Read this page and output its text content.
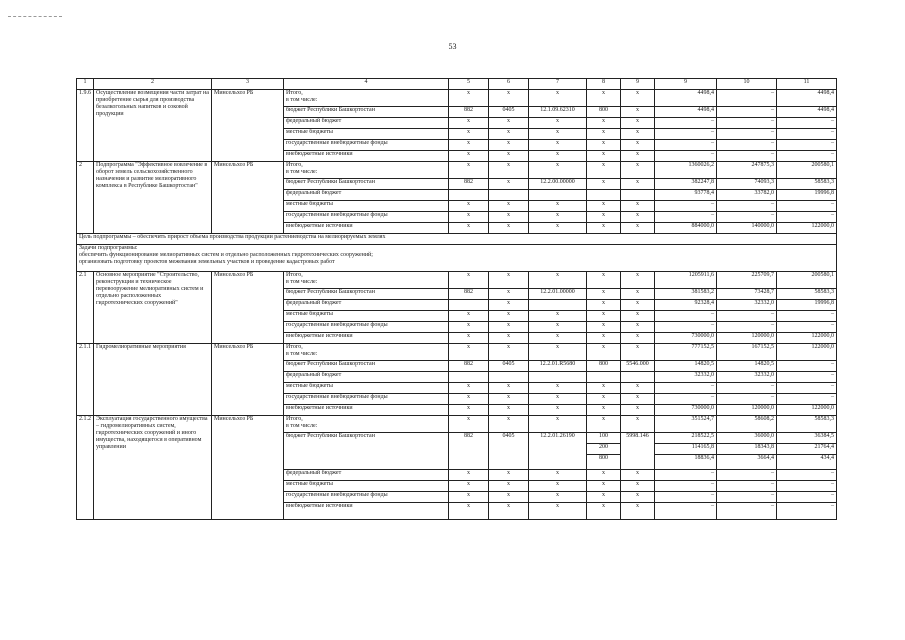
53
1	2	3	4	5	6	7	8	9	9	10	11
1.9.6	Осуществление возмещения части затрат на приобретение сырья для производства безалкогольных напитков и соковой продукции	Минсельхоз РБ	Итого,
в том числе:	x	x	x	x	x	4498,4	–	4498,4
			бюджет Республики Башкортостан	882	0405	12.1.09.62310	800	x	4498,4	–	4498,4
			федеральный бюджет	x	x	x	x	x	–	–	–
			местные бюджеты	x	x	x	x	x	–	–	–
			государственные внебюджетные фонды	x	x	x	x	x	–	–	–
			внебюджетные источники	x	x	x	x	x	–	–	–
2	Подпрограмма "Эффективное вовлечение в оборот земель сельскохозяйственного назначения и развитие мелиоративного комплекса в Республике Башкортостан"	Минсельхоз РБ	Итого,
в том числе:	x	x	x	x	x	1360026,2	247875,3	200580,1
			бюджет Республики Башкортостан	882	x	12.2.00.00000	x	x	382247,8	74093,3	58583,3
			федеральный бюджет						93778,4	33782,0	19996,8
			местные бюджеты	x	x	x	x	x	–	–	–
			государственные внебюджетные фонды	x	x	x	x	x	–	–	–
			внебюджетные источники	x	x	x	x	x	884000,0	140000,0	122000,0
Цель подпрограммы – обеспечить прирост объема производства продукции растениеводства на мелиорируемых землях											
Задачи подпрограммы:
обеспечить функционирование мелиоративных систем и отдельно расположенных гидротехнических сооружений;
организовать подготовку проектов межевания земельных участков и проведение кадастровых работ											
2.1	Основное мероприятие "Строительство, реконструкция и техническое перевооружение мелиоративных систем и отдельно расположенных гидротехнических сооружений"	Минсельхоз РБ	Итого,
в том числе:	x	x	x	x	x	1205911,6	225709,7	200580,1
			бюджет Республики Башкортостан	882	x	12.2.01.00000	x	x	381583,2	73428,7	58583,3
			федеральный бюджет		x		x	x	92328,4	32332,0	19996,8
			местные бюджеты	x	x	x	x	x	–	–	–
			государственные внебюджетные фонды	x	x	x	x	x	–	–	–
			внебюджетные источники	x	x	x	x	x	730000,0	120000,0	122000,0
2.1.1	Гидромелиоративные мероприятия	Минсельхоз РБ	Итого,
в том числе:	x	x	x	x	x	777152,5	167152,5	122000,0
			бюджет Республики Башкортостан	882	0405	12.2.01.R5680	800	5546.000	14820,5	14820,5	–
			федеральный бюджет						32332,0	32332,0	–
			местные бюджеты	x	x	x	x	x	–	–	–
			государственные внебюджетные фонды	x	x	x	x	x	–	–	–
			внебюджетные источники	x	x	x	x	x	730000,0	120000,0	122000,0
2.1.2	Эксплуатация государственного имущества – гидромелиоративных систем, гидротехнических сооружений и иного имущества, находящегося в оперативном управлении	Минсельхоз РБ	Итого,
в том числе:	x	x	x	x	x	351524,7	58608,2	58583,3
			бюджет Республики Башкортостан	882	0405	12.2.01.26190	100	5998.146	218522,5	36000,0	36384,5
							200		114165,8	18343,8	21764,4
							800		18836,4	3664,4	434,4
			федеральный бюджет	x	x	x	x	x	–	–	–
			местные бюджеты	x	x	x	x	x	–	–	–
			государственные внебюджетные фонды	x	x	x	x	x	–	–	–
			внебюджетные источники	x	x	x	x	x	–	–	–
